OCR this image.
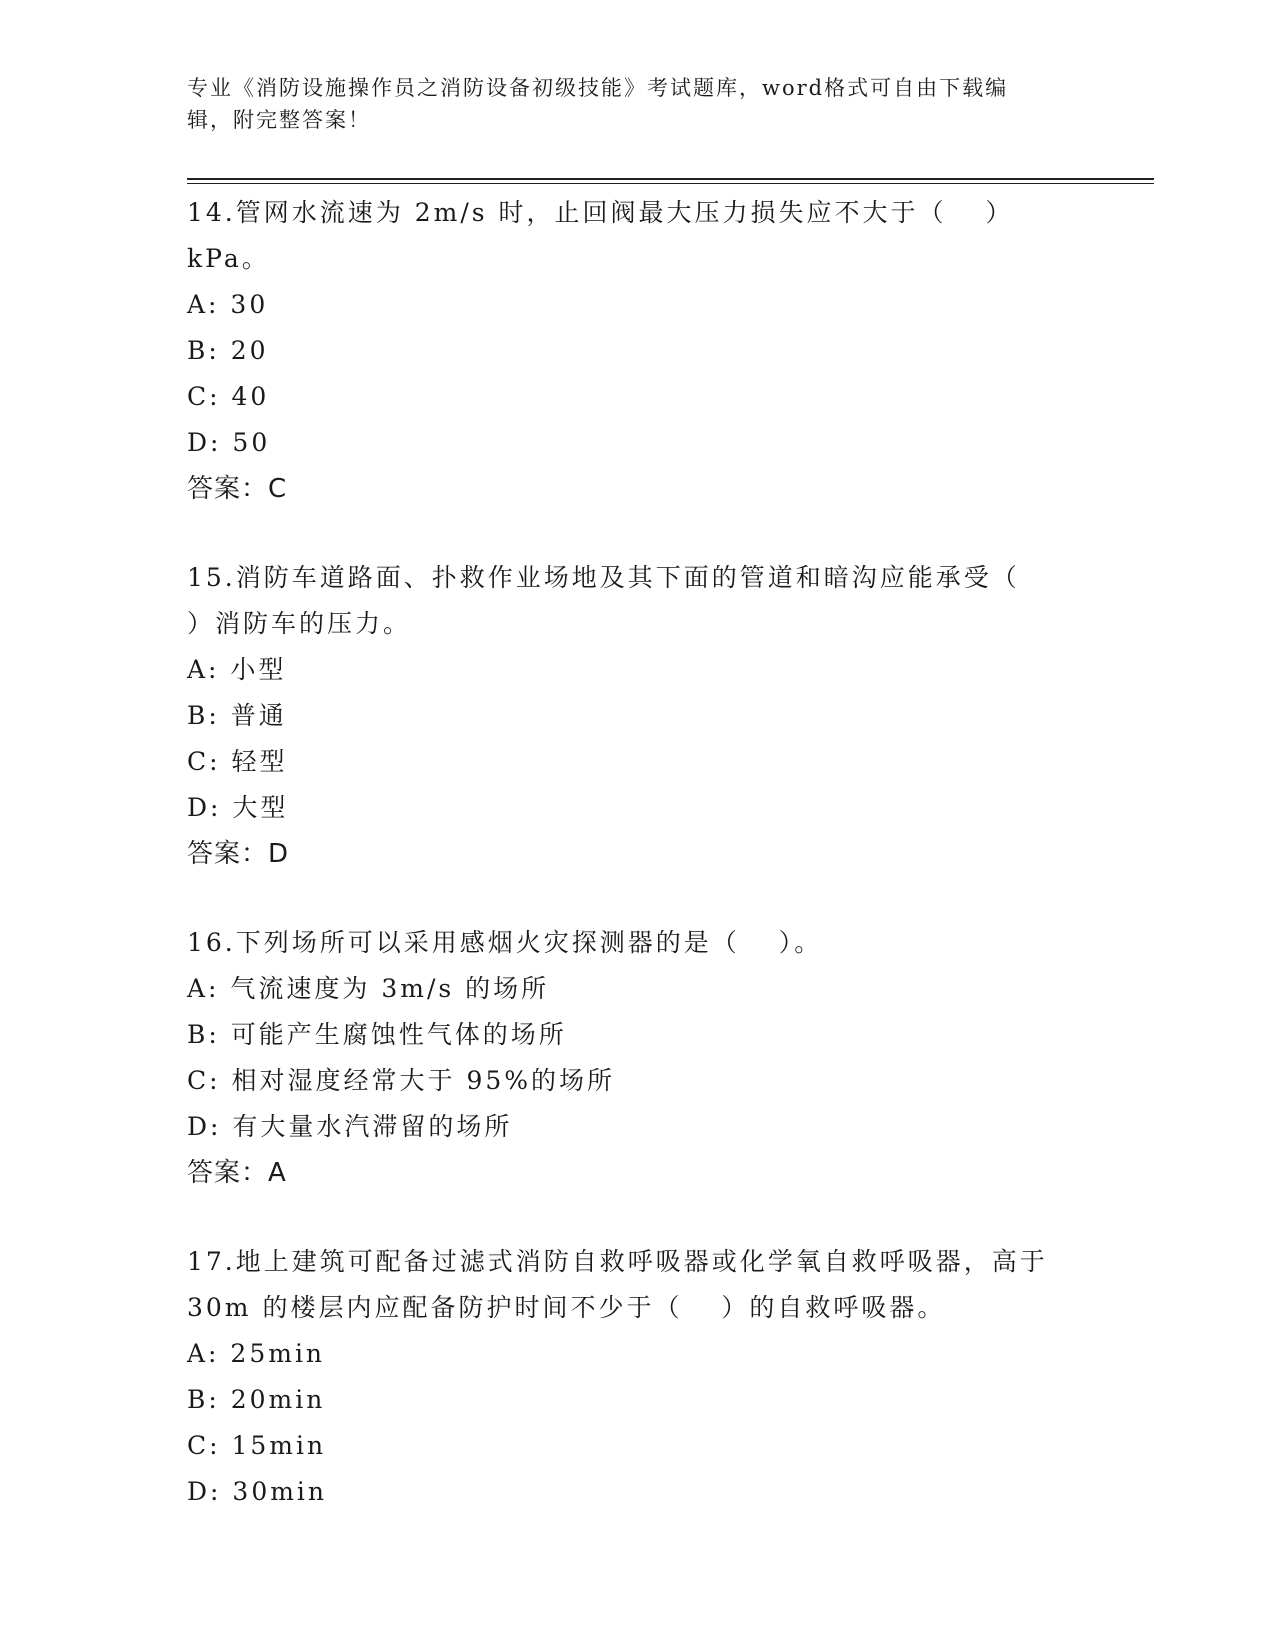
专业《消防设施操作员之消防设备初级技能》考试题库，word格式可自由下载编
辑，附完整答案！
14.管网水流速为 2m/s 时，止回阀最大压力损失应不大于（　 ）kPa。
A: 30
B: 20
C: 40
D: 50
答案：C
15.消防车道路面、扑救作业场地及其下面的管道和暗沟应能承受（
）消防车的压力。
A: 小型
B: 普通
C: 轻型
D: 大型
答案：D
16.下列场所可以采用感烟火灾探测器的是（　 ）。
A: 气流速度为 3m/s 的场所
B: 可能产生腐蚀性气体的场所
C: 相对湿度经常大于 95%的场所
D: 有大量水汽滞留的场所
答案：A
17.地上建筑可配备过滤式消防自救呼吸器或化学氧自救呼吸器，高于
30m 的楼层内应配备防护时间不少于（　 ）的自救呼吸器。
A: 25min
B: 20min
C: 15min
D: 30min
